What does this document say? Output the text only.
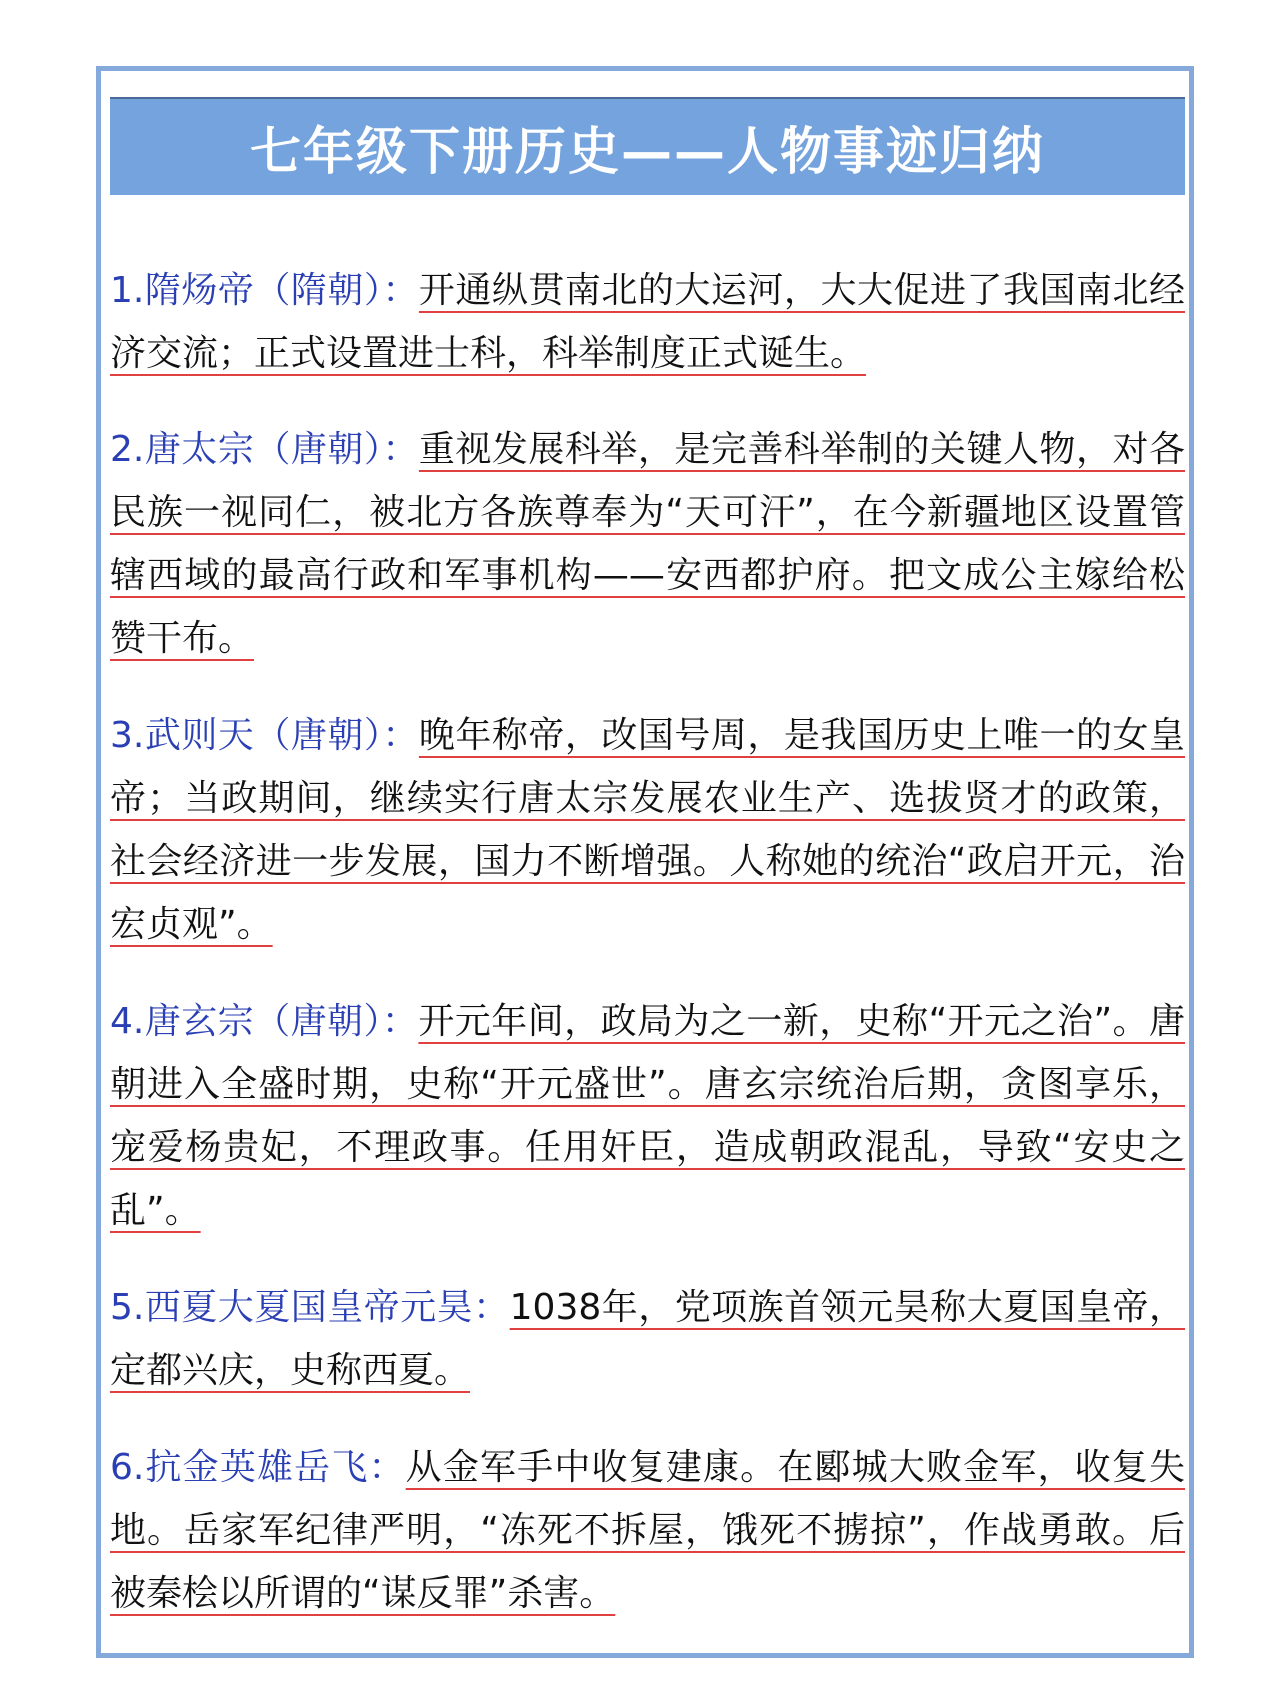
七年级下册历史——人物事迹归纳
1.隋炀帝（隋朝）：开通纵贯南北的大运河，大大促进了我国南北经济交流；正式设置进士科，科举制度正式诞生。
2.唐太宗（唐朝）：重视发展科举，是完善科举制的关键人物，对各民族一视同仁，被北方各族尊奉为“天可汗”，在今新疆地区设置管辖西域的最高行政和军事机构——安西都护府。把文成公主嫁给松赞干布。
3.武则天（唐朝）：晚年称帝，改国号周，是我国历史上唯一的女皇帝；当政期间，继续实行唐太宗发展农业生产、选拔贤才的政策，社会经济进一步发展，国力不断增强。人称她的统治“政启开元，治宏贞观”。
4.唐玄宗（唐朝）：开元年间，政局为之一新，史称“开元之治”。唐朝进入全盛时期，史称“开元盛世”。唐玄宗统治后期，贪图享乐，宠爱杨贵妃，不理政事。任用奸臣，造成朝政混乱，导致“安史之乱”。
5.西夏大夏国皇帝元昊：1038年，党项族首领元昊称大夏国皇帝，定都兴庆，史称西夏。
6.抗金英雄岳飞：从金军手中收复建康。在郾城大败金军，收复失地。岳家军纪律严明，“冻死不拆屋，饿死不掳掠”，作战勇敢。后被秦桧以所谓的“谋反罪”杀害。
